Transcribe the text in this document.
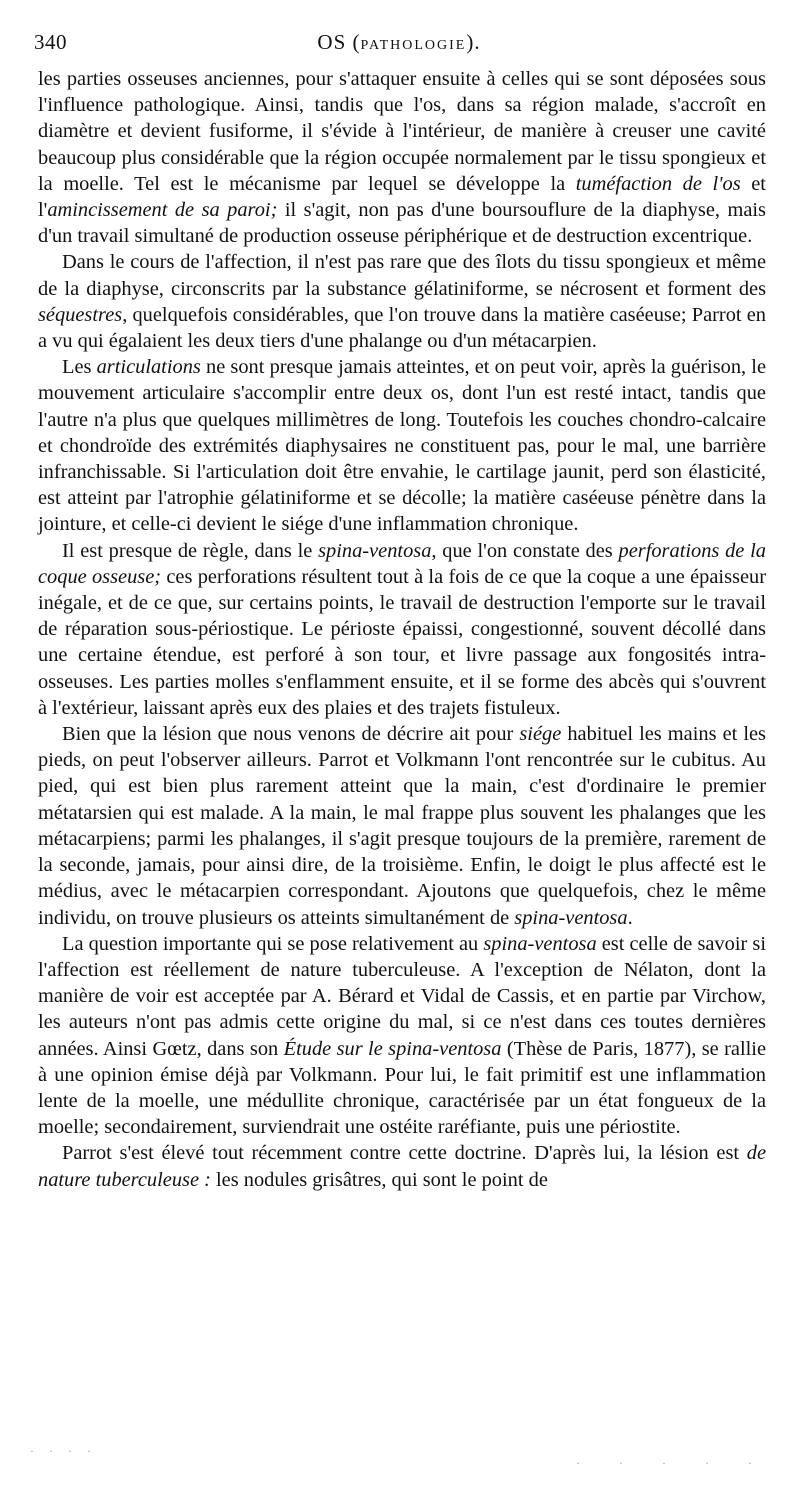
340	OS (PATHOLOGIE).

les parties osseuses anciennes, pour s'attaquer ensuite à celles qui se sont déposées sous l'influence pathologique. Ainsi, tandis que l'os, dans sa région malade, s'accroît en diamètre et devient fusiforme, il s'évide à l'intérieur, de manière à creuser une cavité beaucoup plus considérable que la région occupée normalement par le tissu spongieux et la moelle. Tel est le mécanisme par lequel se développe la tuméfaction de l'os et l'amincissement de sa paroi; il s'agit, non pas d'une boursouflure de la diaphyse, mais d'un travail simultané de production osseuse périphérique et de destruction excentrique.

Dans le cours de l'affection, il n'est pas rare que des îlots du tissu spongieux et même de la diaphyse, circonscrits par la substance gélatiniforme, se nécrosent et forment des séquestres, quelquefois considérables, que l'on trouve dans la matière caséeuse; Parrot en a vu qui égalaient les deux tiers d'une phalange ou d'un métacarpien.

Les articulations ne sont presque jamais atteintes, et on peut voir, après la guérison, le mouvement articulaire s'accomplir entre deux os, dont l'un est resté intact, tandis que l'autre n'a plus que quelques millimètres de long. Toutefois les couches chondro-calcaire et chondroïde des extrémités diaphysaires ne constituent pas, pour le mal, une barrière infranchissable. Si l'articulation doit être envahie, le cartilage jaunit, perd son élasticité, est atteint par l'atrophie gélatiniforme et se décolle; la matière caséeuse pénètre dans la jointure, et celle-ci devient le siége d'une inflammation chronique.

Il est presque de règle, dans le spina-ventosa, que l'on constate des perforations de la coque osseuse; ces perforations résultent tout à la fois de ce que la coque a une épaisseur inégale, et de ce que, sur certains points, le travail de destruction l'emporte sur le travail de réparation sous-périostique. Le périoste épaissi, congestionné, souvent décollé dans une certaine étendue, est perforé à son tour, et livre passage aux fongosités intra-osseuses. Les parties molles s'enflamment ensuite, et il se forme des abcès qui s'ouvrent à l'extérieur, laissant après eux des plaies et des trajets fistuleux.

Bien que la lésion que nous venons de décrire ait pour siége habituel les mains et les pieds, on peut l'observer ailleurs. Parrot et Volkmann l'ont rencontrée sur le cubitus. Au pied, qui est bien plus rarement atteint que la main, c'est d'ordinaire le premier métatarsien qui est malade. A la main, le mal frappe plus souvent les phalanges que les métacarpiens; parmi les phalanges, il s'agit presque toujours de la première, rarement de la seconde, jamais, pour ainsi dire, de la troisième. Enfin, le doigt le plus affecté est le médius, avec le métacarpien correspondant. Ajoutons que quelquefois, chez le même individu, on trouve plusieurs os atteints simultanément de spina-ventosa.

La question importante qui se pose relativement au spina-ventosa est celle de savoir si l'affection est réellement de nature tuberculeuse. A l'exception de Nélaton, dont la manière de voir est acceptée par A. Bérard et Vidal de Cassis, et en partie par Virchow, les auteurs n'ont pas admis cette origine du mal, si ce n'est dans ces toutes dernières années. Ainsi Gœtz, dans son Étude sur le spina-ventosa (Thèse de Paris, 1877), se rallie à une opinion émise déjà par Volkmann. Pour lui, le fait primitif est une inflammation lente de la moelle, une médullite chronique, caractérisée par un état fongueux de la moelle; secondairement, surviendrait une ostéite raréfiante, puis une périostite.

Parrot s'est élevé tout récemment contre cette doctrine. D'après lui, la lésion est de nature tuberculeuse : les nodules grisâtres, qui sont le point de

· · · ·
· · · · ·
